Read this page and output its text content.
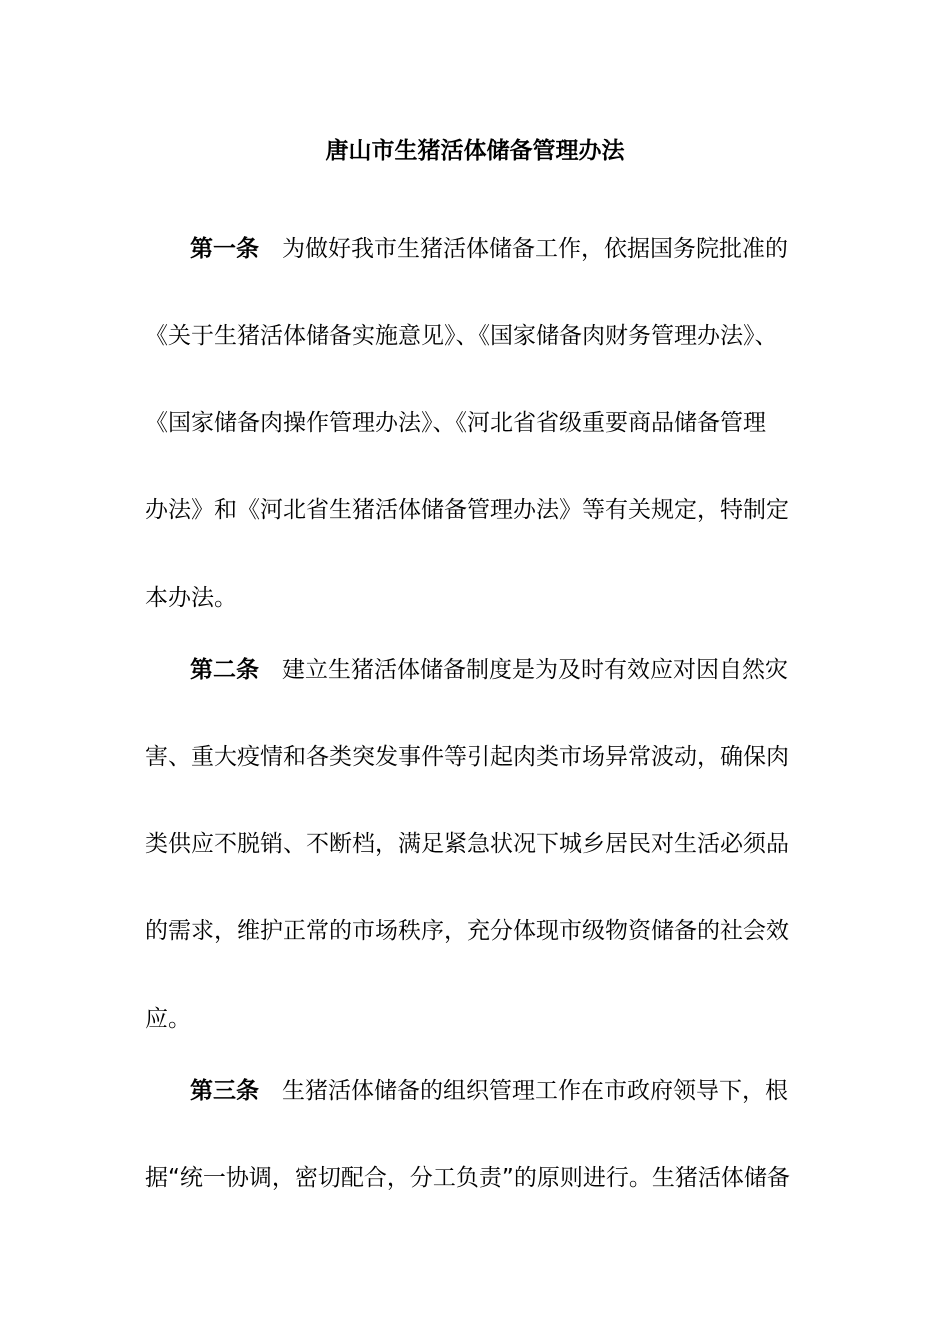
唐山市生猪活体储备管理办法
第一条 为做好我市生猪活体储备工作，依据国务院批准的
《关于生猪活体储备实施意见》、《国家储备肉财务管理办法》、
《国家储备肉操作管理办法》、《河北省省级重要商品储备管理
办法》和《河北省生猪活体储备管理办法》等有关规定，特制定
本办法。
第二条 建立生猪活体储备制度是为及时有效应对因自然灾
害、重大疫情和各类突发事件等引起肉类市场异常波动，确保肉
类供应不脱销、不断档，满足紧急状况下城乡居民对生活必须品
的需求，维护正常的市场秩序，充分体现市级物资储备的社会效
应。
第三条 生猪活体储备的组织管理工作在市政府领导下，根
据“统一协调，密切配合，分工负责”的原则进行。生猪活体储备
